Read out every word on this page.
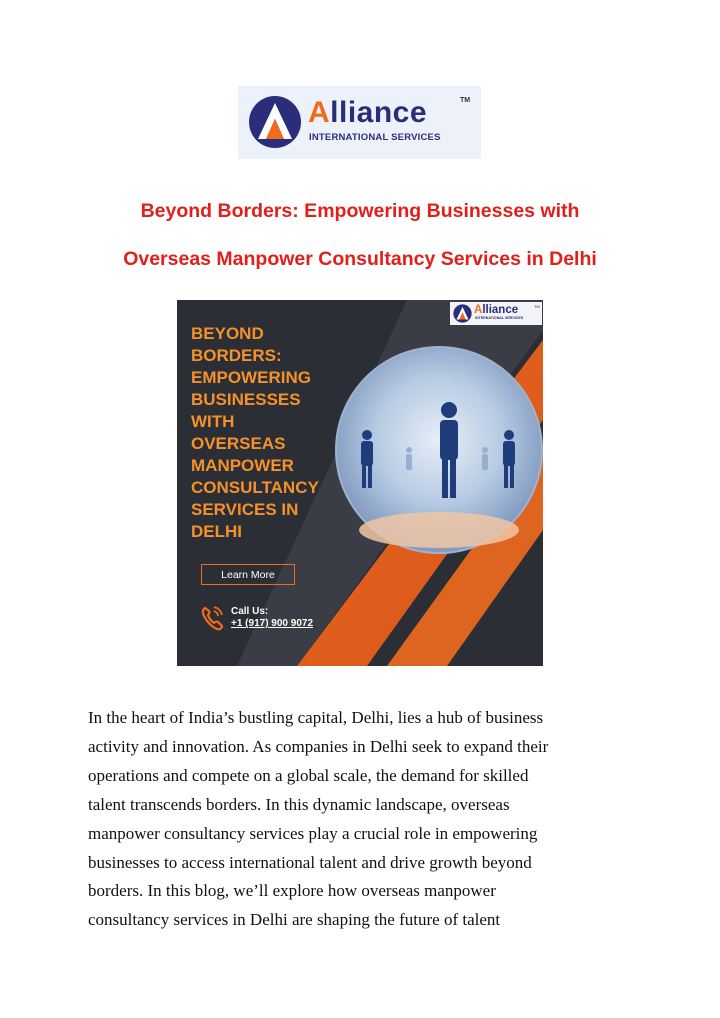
Alliance	TM
INTERNATIONAL SERVICES
Beyond Borders: Empowering Businesses with
Overseas Manpower Consultancy Services in Delhi
Alliance	TM
INTERNATIONAL SERVICES
BEYOND
BORDERS:
EMPOWERING
BUSINESSES
WITH
OVERSEAS
MANPOWER
CONSULTANCY
SERVICES IN
DELHI
Learn More
Call Us:
+1 (917) 900 9072
In the heart of India’s bustling capital, Delhi, lies a hub of business
activity and innovation. As companies in Delhi seek to expand their
operations and compete on a global scale, the demand for skilled
talent transcends borders. In this dynamic landscape, overseas
manpower consultancy services play a crucial role in empowering
businesses to access international talent and drive growth beyond
borders. In this blog, we’ll explore how overseas manpower
consultancy services in Delhi are shaping the future of talent
